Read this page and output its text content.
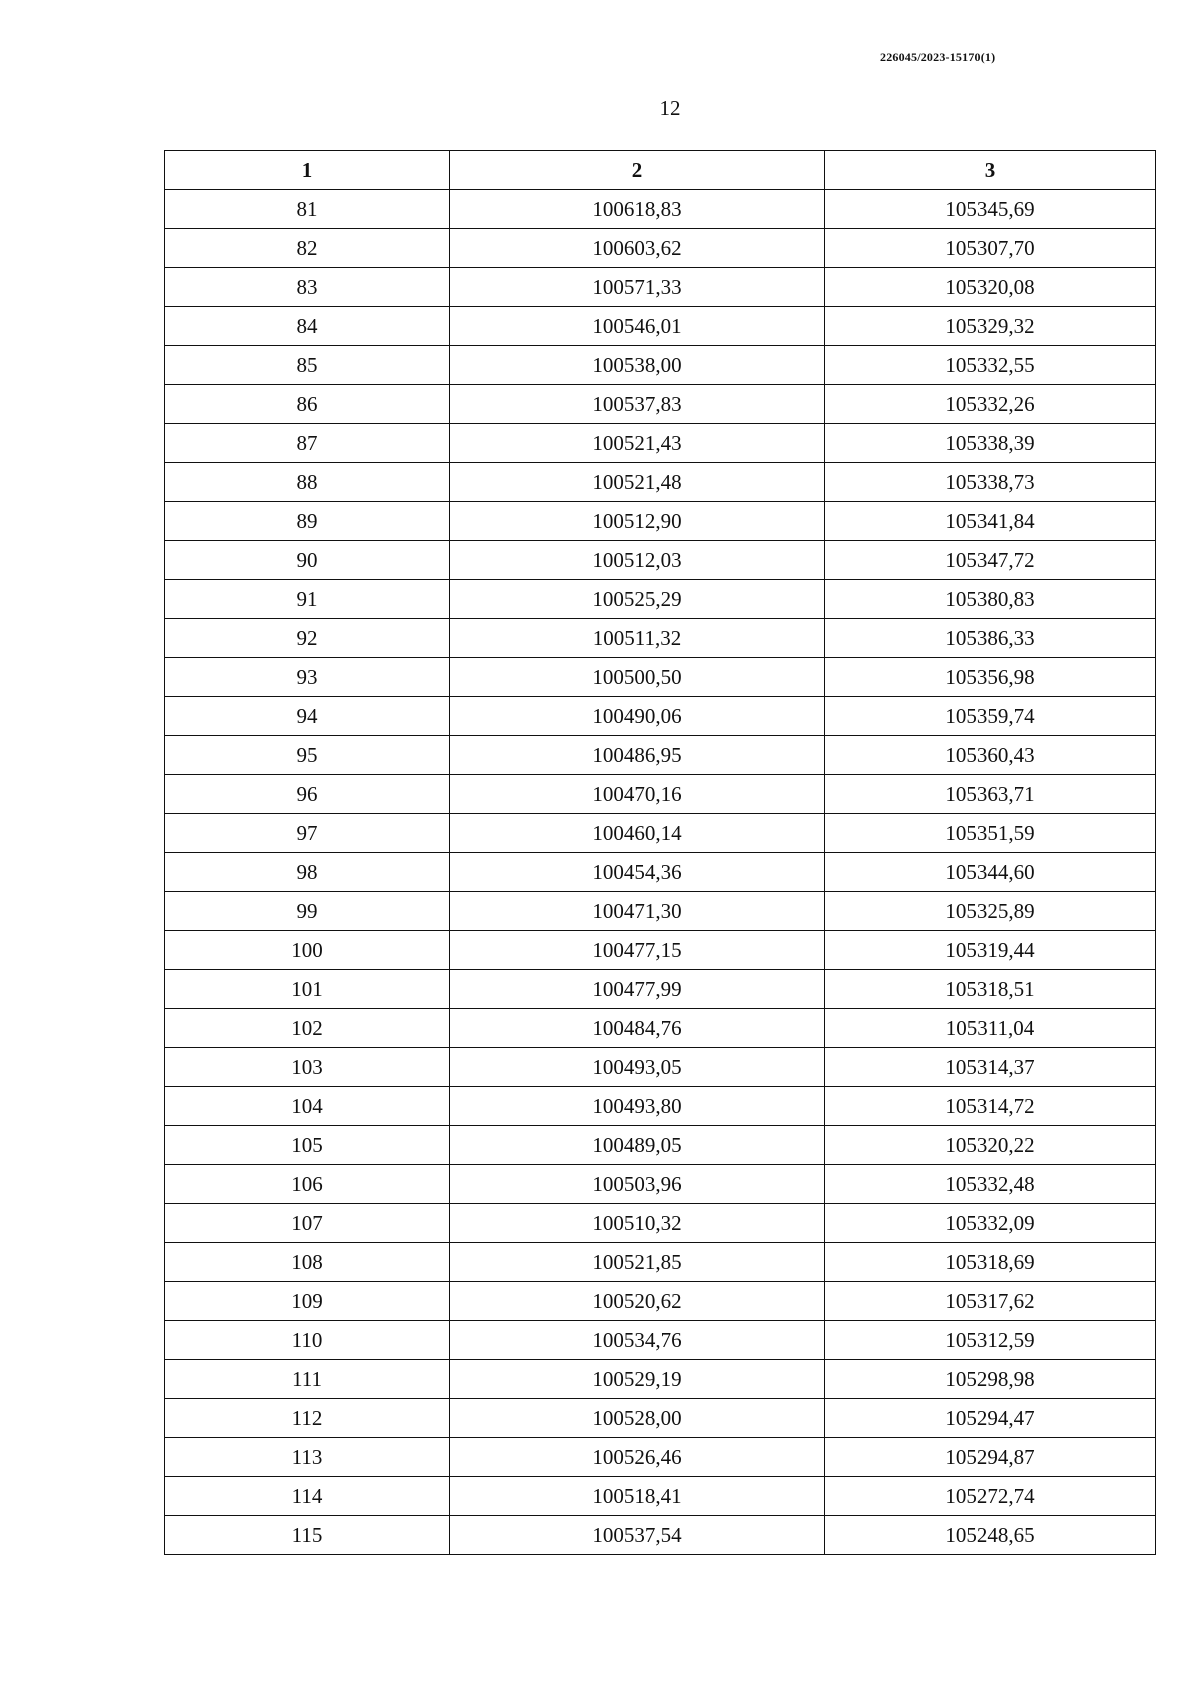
226045/2023-15170(1)
12
1	2	3
81	100618,83	105345,69
82	100603,62	105307,70
83	100571,33	105320,08
84	100546,01	105329,32
85	100538,00	105332,55
86	100537,83	105332,26
87	100521,43	105338,39
88	100521,48	105338,73
89	100512,90	105341,84
90	100512,03	105347,72
91	100525,29	105380,83
92	100511,32	105386,33
93	100500,50	105356,98
94	100490,06	105359,74
95	100486,95	105360,43
96	100470,16	105363,71
97	100460,14	105351,59
98	100454,36	105344,60
99	100471,30	105325,89
100	100477,15	105319,44
101	100477,99	105318,51
102	100484,76	105311,04
103	100493,05	105314,37
104	100493,80	105314,72
105	100489,05	105320,22
106	100503,96	105332,48
107	100510,32	105332,09
108	100521,85	105318,69
109	100520,62	105317,62
110	100534,76	105312,59
111	100529,19	105298,98
112	100528,00	105294,47
113	100526,46	105294,87
114	100518,41	105272,74
115	100537,54	105248,65
